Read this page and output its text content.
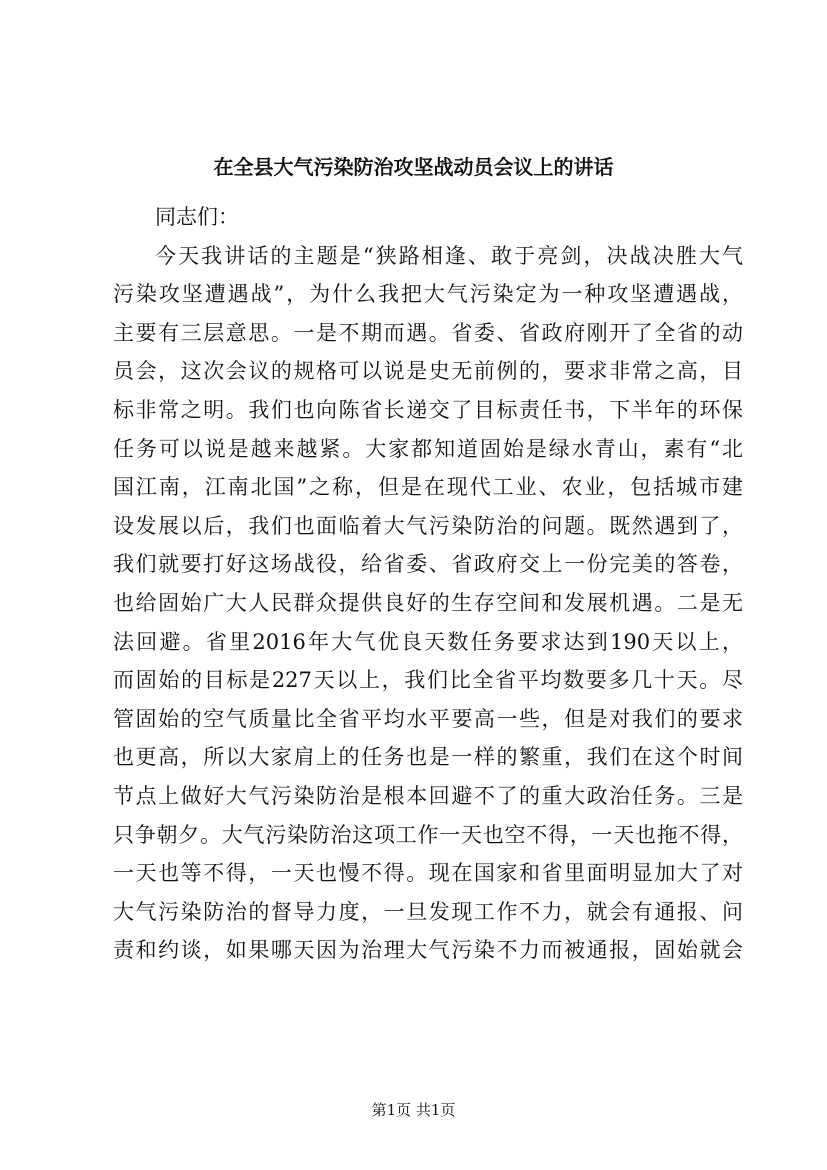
在全县大气污染防治攻坚战动员会议上的讲话
同志们：
今天我讲话的主题是“狭路相逢、敢于亮剑，决战决胜大气
污染攻坚遭遇战”，为什么我把大气污染定为一种攻坚遭遇战，
主要有三层意思。一是不期而遇。省委、省政府刚开了全省的动
员会，这次会议的规格可以说是史无前例的，要求非常之高，目
标非常之明。我们也向陈省长递交了目标责任书，下半年的环保
任务可以说是越来越紧。大家都知道固始是绿水青山，素有“北
国江南，江南北国”之称，但是在现代工业、农业，包括城市建
设发展以后，我们也面临着大气污染防治的问题。既然遇到了，
我们就要打好这场战役，给省委、省政府交上一份完美的答卷，
也给固始广大人民群众提供良好的生存空间和发展机遇。二是无
法回避。省里2016年大气优良天数任务要求达到190天以上，
而固始的目标是227天以上，我们比全省平均数要多几十天。尽
管固始的空气质量比全省平均水平要高一些，但是对我们的要求
也更高，所以大家肩上的任务也是一样的繁重，我们在这个时间
节点上做好大气污染防治是根本回避不了的重大政治任务。三是
只争朝夕。大气污染防治这项工作一天也空不得，一天也拖不得，
一天也等不得，一天也慢不得。现在国家和省里面明显加大了对
大气污染防治的督导力度，一旦发现工作不力，就会有通报、问
责和约谈，如果哪天因为治理大气污染不力而被通报，固始就会
第1页 共1页
